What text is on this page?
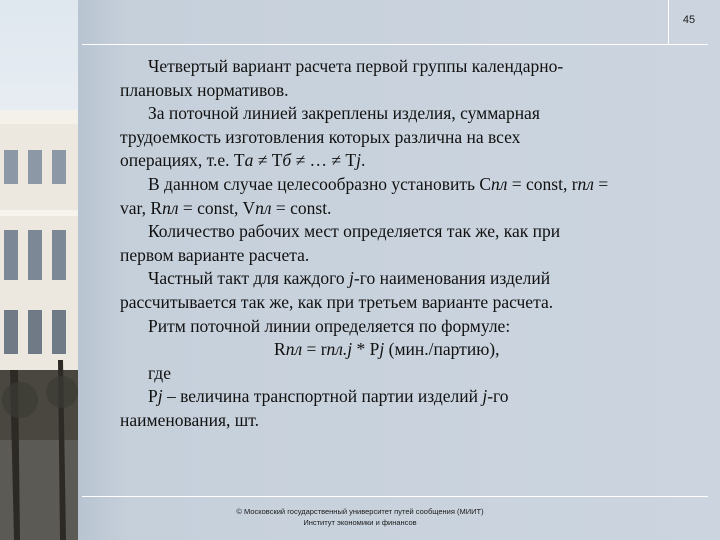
45
Четвертый вариант расчета первой группы календарно-
плановых нормативов.
За поточной линией закреплены изделия, суммарная
трудоемкость изготовления которых различна на всех
операциях, т.е. Та ≠ Тб ≠ … ≠ Тj.
В данном случае целесообразно установить Спл = const, rпл =
var, Rпл = const, Vпл = const.
Количество рабочих мест определяется так же, как при
первом варианте расчета.
Частный такт для каждого j-го наименования изделий
рассчитывается так же, как при третьем варианте расчета.
Ритм поточной линии определяется по формуле:
Rпл = rпл.j * Pj (мин./партию),
где
Pj – величина транспортной партии изделий j-го
наименования, шт.
© Московский государственный университет путей сообщения (МИИТ)
Институт экономики и финансов
